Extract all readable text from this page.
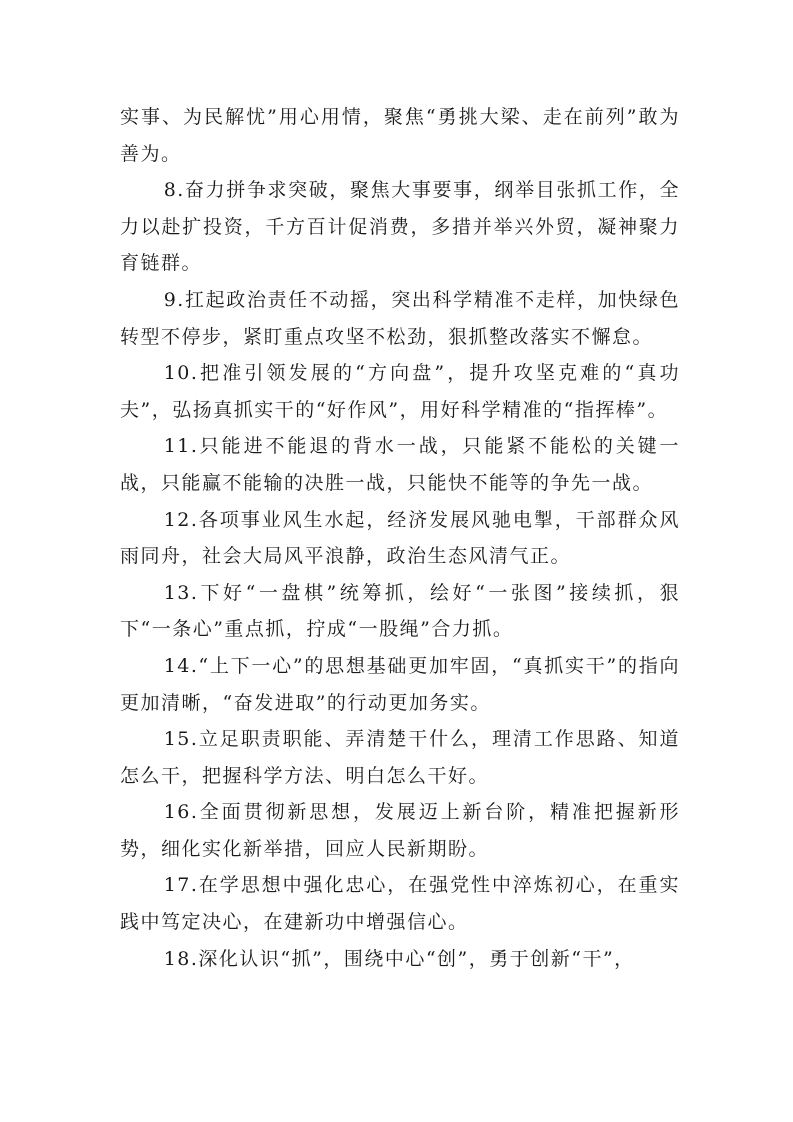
实事、为民解忧”用心用情，聚焦“勇挑大梁、走在前列”敢为善为。

8.奋力拼争求突破，聚焦大事要事，纲举目张抓工作，全力以赴扩投资，千方百计促消费，多措并举兴外贸，凝神聚力育链群。

9.扛起政治责任不动摇，突出科学精准不走样，加快绿色转型不停步，紧盯重点攻坚不松劲，狠抓整改落实不懈怠。

10.把准引领发展的“方向盘”，提升攻坚克难的“真功夫”，弘扬真抓实干的“好作风”，用好科学精准的“指挥棒”。

11.只能进不能退的背水一战，只能紧不能松的关键一战，只能赢不能输的决胜一战，只能快不能等的争先一战。

12.各项事业风生水起，经济发展风驰电掣，干部群众风雨同舟，社会大局风平浪静，政治生态风清气正。

13.下好“一盘棋”统筹抓，绘好“一张图”接续抓，狠下“一条心”重点抓，拧成“一股绳”合力抓。

14.“上下一心”的思想基础更加牢固，“真抓实干”的指向更加清晰，“奋发进取”的行动更加务实。

15.立足职责职能、弄清楚干什么，理清工作思路、知道怎么干，把握科学方法、明白怎么干好。

16.全面贯彻新思想，发展迈上新台阶，精准把握新形势，细化实化新举措，回应人民新期盼。

17.在学思想中强化忠心，在强党性中淬炼初心，在重实践中笃定决心，在建新功中增强信心。

18.深化认识“抓”，围绕中心“创”，勇于创新“干”，
